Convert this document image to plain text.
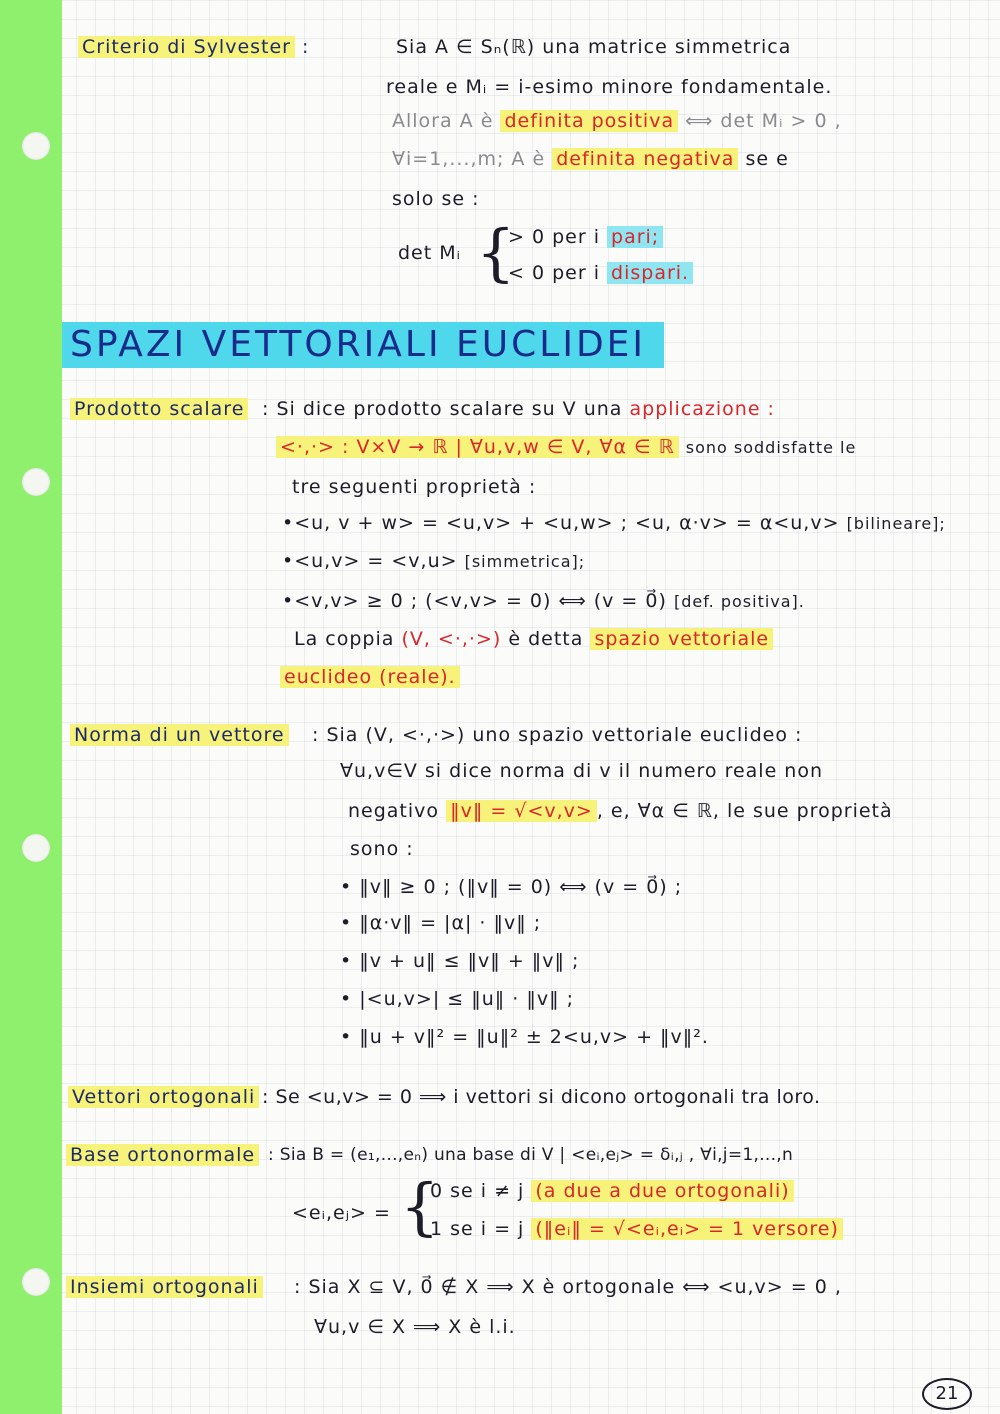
Criterio di Sylvester :	Sia A ∈ Sₙ(ℝ) una matrice simmetrica
reale e Mᵢ = i-esimo minore fondamentale.
Allora A è definita positiva ⟺ det Mᵢ > 0 ,
∀i=1,...,m; A è definita negativa se e
solo se :
det Mᵢ {
> 0 per i pari;
< 0 per i dispari.
SPAZI VETTORIALI EUCLIDEI
Prodotto scalare : Si dice prodotto scalare su V una applicazione :
<·,·> : V×V → ℝ | ∀u,v,w ∈ V, ∀α ∈ ℝ sono soddisfatte le
tre seguenti proprietà :
•<u, v + w> = <u,v> + <u,w> ; <u, α·v> = α<u,v> [bilineare];
•<u,v> = <v,u> [simmetrica];
•<v,v> ≥ 0 ; (<v,v> = 0) ⟺ (v = 0⃗) [def. positiva].
La coppia (V, <·,·>) è detta spazio vettoriale
euclideo (reale).
Norma di un vettore : Sia (V, <·,·>) uno spazio vettoriale euclideo :
∀u,v∈V si dice norma di v il numero reale non
negativo ‖v‖ = √<v,v> , e, ∀α ∈ ℝ, le sue proprietà
sono :
• ‖v‖ ≥ 0 ; (‖v‖ = 0) ⟺ (v = 0⃗) ;
• ‖α·v‖ = |α| · ‖v‖ ;
• ‖v + u‖ ≤ ‖v‖ + ‖v‖ ;
• |<u,v>| ≤ ‖u‖ · ‖v‖ ;
• ‖u + v‖² = ‖u‖² ± 2<u,v> + ‖v‖².
Vettori ortogonali : Se <u,v> = 0 ⟹ i vettori si dicono ortogonali tra loro.
Base ortonormale : Sia B = (e₁,...,eₙ) una base di V | <eᵢ,eⱼ> = δᵢ,ⱼ , ∀i,j=1,...,n
<eᵢ,eⱼ> = {
0 se i ≠ j (a due a due ortogonali)
1 se i = j (‖eᵢ‖ = √<eᵢ,eᵢ> = 1 versore)
Insiemi ortogonali : Sia X ⊆ V, 0⃗ ∉ X ⟹ X è ortogonale ⟺ <u,v> = 0 ,
∀u,v ∈ X ⟹ X è l.i.
21
